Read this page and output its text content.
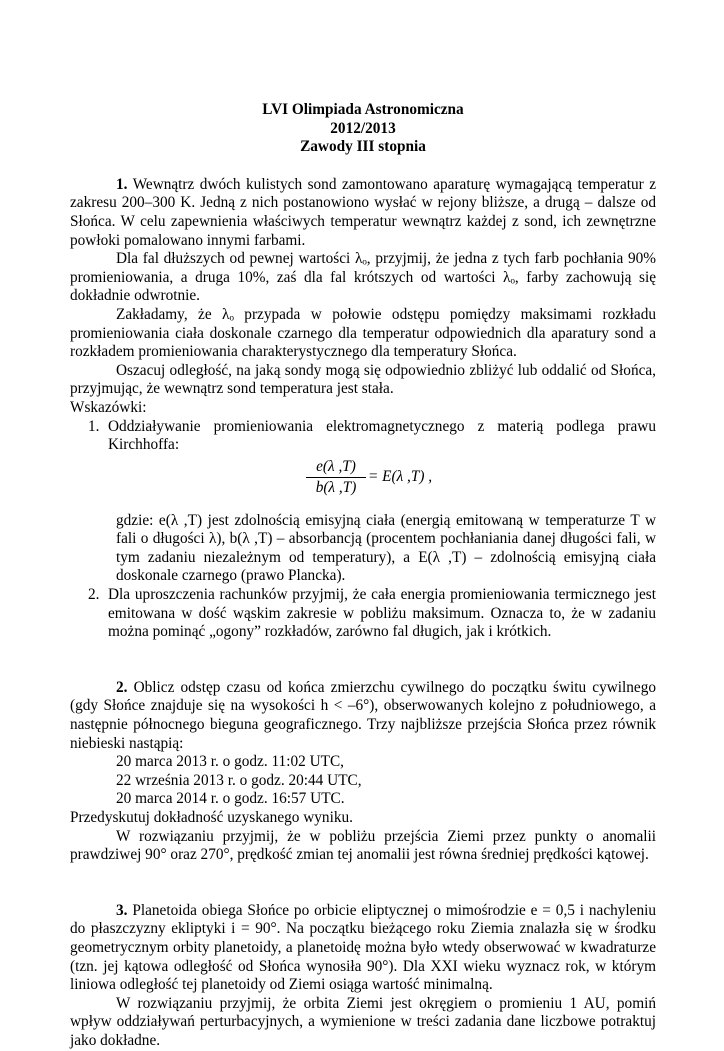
LVI Olimpiada Astronomiczna
2012/2013
Zawody III stopnia

1. Wewnątrz dwóch kulistych sond zamontowano aparaturę wymagającą temperatur z zakresu 200–300 K. Jedną z nich postanowiono wysłać w rejony bliższe, a drugą – dalsze od Słońca. W celu zapewnienia właściwych temperatur wewnątrz każdej z sond, ich zewnętrzne powłoki pomalowano innymi farbami.

Dla fal dłuższych od pewnej wartości λₒ, przyjmij, że jedna z tych farb pochłania 90% promieniowania, a druga 10%, zaś dla fal krótszych od wartości λₒ, farby zachowują się dokładnie odwrotnie.

Zakładamy, że λₒ przypada w połowie odstępu pomiędzy maksimami rozkładu promieniowania ciała doskonale czarnego dla temperatur odpowiednich dla aparatury sond a rozkładem promieniowania charakterystycznego dla temperatury Słońca.

Oszacuj odległość, na jaką sondy mogą się odpowiednio zbliżyć lub oddalić od Słońca, przyjmując, że wewnątrz sond temperatura jest stała.

Wskazówki:

1. Oddziaływanie promieniowania elektromagnetycznego z materią podlega prawu Kirchhoffa:
$\frac{e(\lambda ,T)}{b(\lambda ,T)} = E(\lambda$ ,T) ,

gdzie: e(λ ,T) jest zdolnością emisyjną ciała (energią emitowaną w temperaturze T w fali o długości λ), b(λ ,T) – absorbancją (procentem pochłaniania danej długości fali, w tym zadaniu niezależnym od temperatury), a E(λ ,T) – zdolnością emisyjną ciała doskonale czarnego (prawo Plancka).

2. Dla uproszczenia rachunków przyjmij, że cała energia promieniowania termicznego jest emitowana w dość wąskim zakresie w pobliżu maksimum. Oznacza to, że w zadaniu można pominąć „ogony” rozkładów, zarówno fal długich, jak i krótkich.

2. Oblicz odstęp czasu od końca zmierzchu cywilnego do początku świtu cywilnego (gdy Słońce znajduje się na wysokości h < –6°), obserwowanych kolejno z południowego, a następnie północnego bieguna geograficznego. Trzy najbliższe przejścia Słońca przez równik niebieski nastąpią:

20 marca 2013 r. o godz. 11:02 UTC,

22 września 2013 r. o godz. 20:44 UTC,

20 marca 2014 r. o godz. 16:57 UTC.

Przedyskutuj dokładność uzyskanego wyniku.

W rozwiązaniu przyjmij, że w pobliżu przejścia Ziemi przez punkty o anomalii prawdziwej 90° oraz 270°, prędkość zmian tej anomalii jest równa średniej prędkości kątowej.

3. Planetoida obiega Słońce po orbicie eliptycznej o mimośrodzie e = 0,5 i nachyleniu do płaszczyzny ekliptyki i = 90°. Na początku bieżącego roku Ziemia znalazła się w środku geometrycznym orbity planetoidy, a planetoidę można było wtedy obserwować w kwadraturze (tzn. jej kątowa odległość od Słońca wynosiła 90°). Dla XXI wieku wyznacz rok, w którym liniowa odległość tej planetoidy od Ziemi osiąga wartość minimalną.

W rozwiązaniu przyjmij, że orbita Ziemi jest okręgiem o promieniu 1 AU, pomiń wpływ oddziaływań perturbacyjnych, a wymienione w treści zadania dane liczbowe potraktuj jako dokładne.
